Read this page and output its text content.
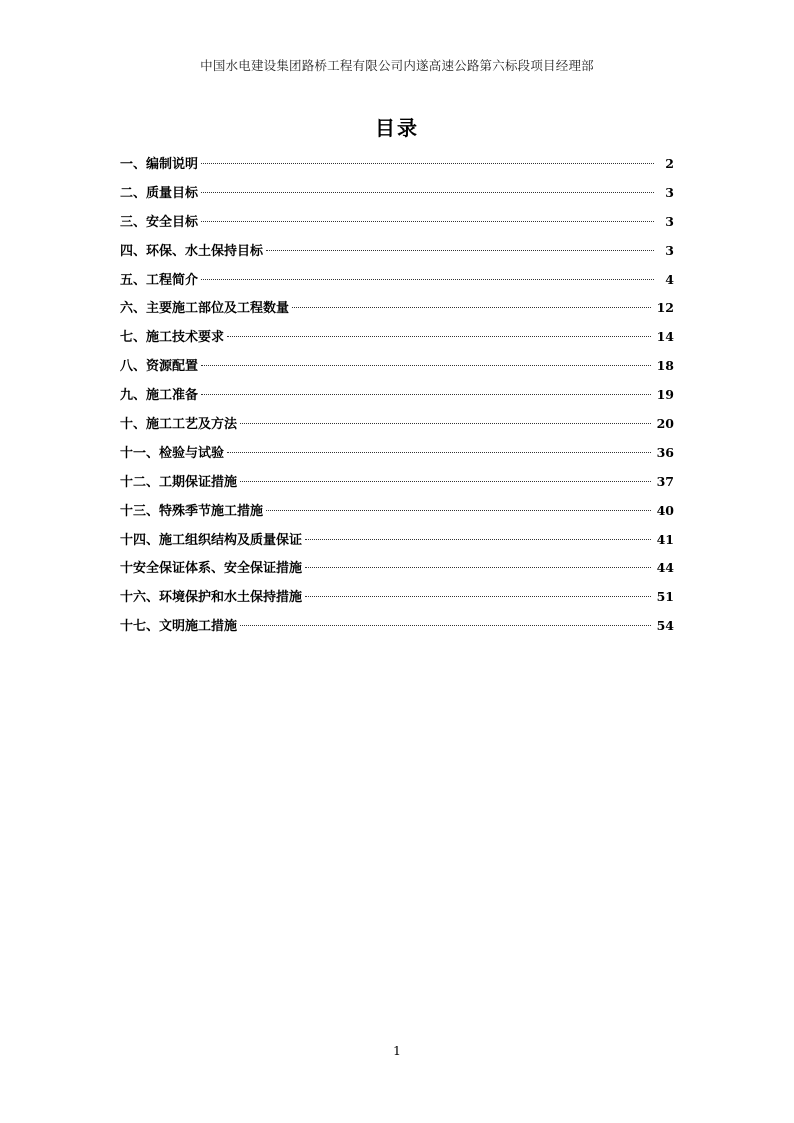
中国水电建设集团路桥工程有限公司内遂高速公路第六标段项目经理部
目录
一、编制说明	2
二、质量目标	3
三、安全目标	3
四、环保、水土保持目标	3
五、工程简介	4
六、主要施工部位及工程数量	12
七、施工技术要求	14
八、资源配置	18
九、施工准备	19
十、施工工艺及方法	20
十一、检验与试验	36
十二、工期保证措施	37
十三、特殊季节施工措施	40
十四、施工组织结构及质量保证	41
十安全保证体系、安全保证措施	44
十六、环境保护和水土保持措施	51
十七、文明施工措施	54
1
